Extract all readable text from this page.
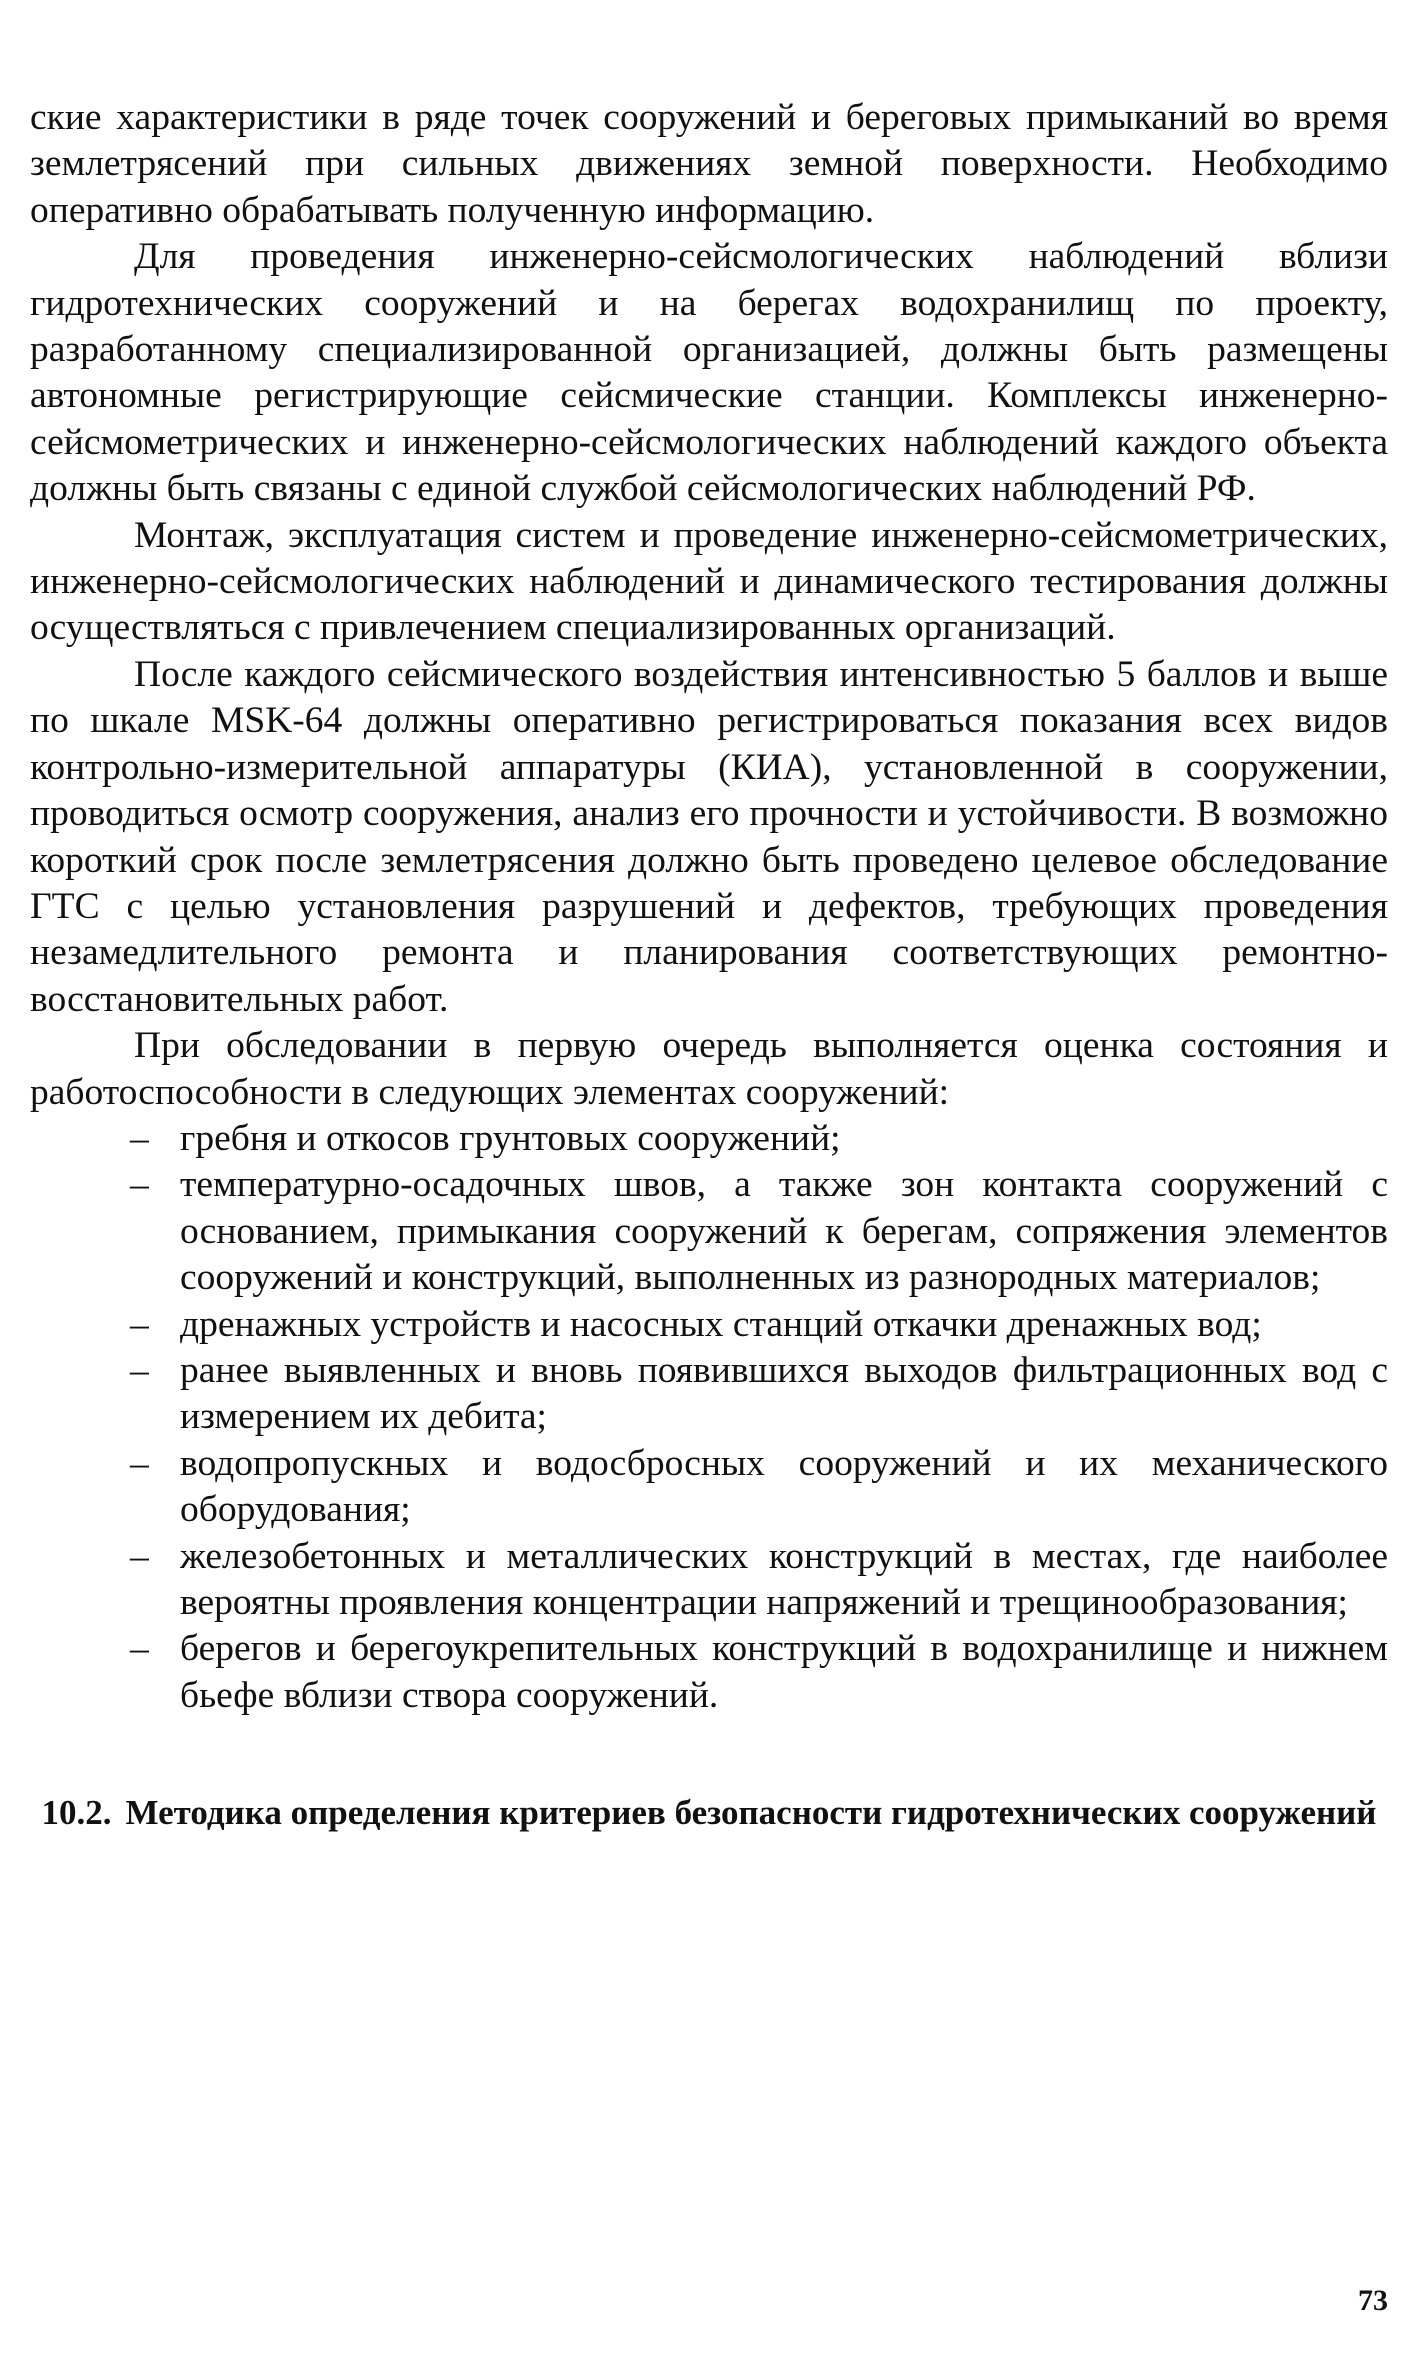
ские характеристики в ряде точек сооружений и береговых примыканий во время землетрясений при сильных движениях земной поверхности. Необходимо оперативно обрабатывать полученную информацию.

Для проведения инженерно-сейсмологических наблюдений вблизи гидротехнических сооружений и на берегах водохранилищ по проекту, разработанному специализированной организацией, должны быть размещены автономные регистрирующие сейсмические станции. Комплексы инженерно-сейсмометрических и инженерно-сейсмологических наблюдений каждого объекта должны быть связаны с единой службой сейсмологических наблюдений РФ.

Монтаж, эксплуатация систем и проведение инженерно-сейсмометрических, инженерно-сейсмологических наблюдений и динамического тестирования должны осуществляться с привлечением специализированных организаций.

После каждого сейсмического воздействия интенсивностью 5 баллов и выше по шкале MSK-64 должны оперативно регистрироваться показания всех видов контрольно-измерительной аппаратуры (КИА), установленной в сооружении, проводиться осмотр сооружения, анализ его прочности и устойчивости. В возможно короткий срок после землетрясения должно быть проведено целевое обследование ГТС с целью установления разрушений и дефектов, требующих проведения незамедлительного ремонта и планирования соответствующих ремонтно-восстановительных работ.

При обследовании в первую очередь выполняется оценка состояния и работоспособности в следующих элементах сооружений:

– гребня и откосов грунтовых сооружений;
– температурно-осадочных швов, а также зон контакта сооружений с основанием, примыкания сооружений к берегам, сопряжения элементов сооружений и конструкций, выполненных из разнородных материалов;
– дренажных устройств и насосных станций откачки дренажных вод;
– ранее выявленных и вновь появившихся выходов фильтрационных вод с измерением их дебита;
– водопропускных и водосбросных сооружений и их механического оборудования;
– железобетонных и металлических конструкций в местах, где наиболее вероятны проявления концентрации напряжений и трещинообразования;
– берегов и берегоукрепительных конструкций в водохранилище и нижнем бьефе вблизи створа сооружений.
10.2. Методика определения критериев безопасности гидротехнических сооружений
73
